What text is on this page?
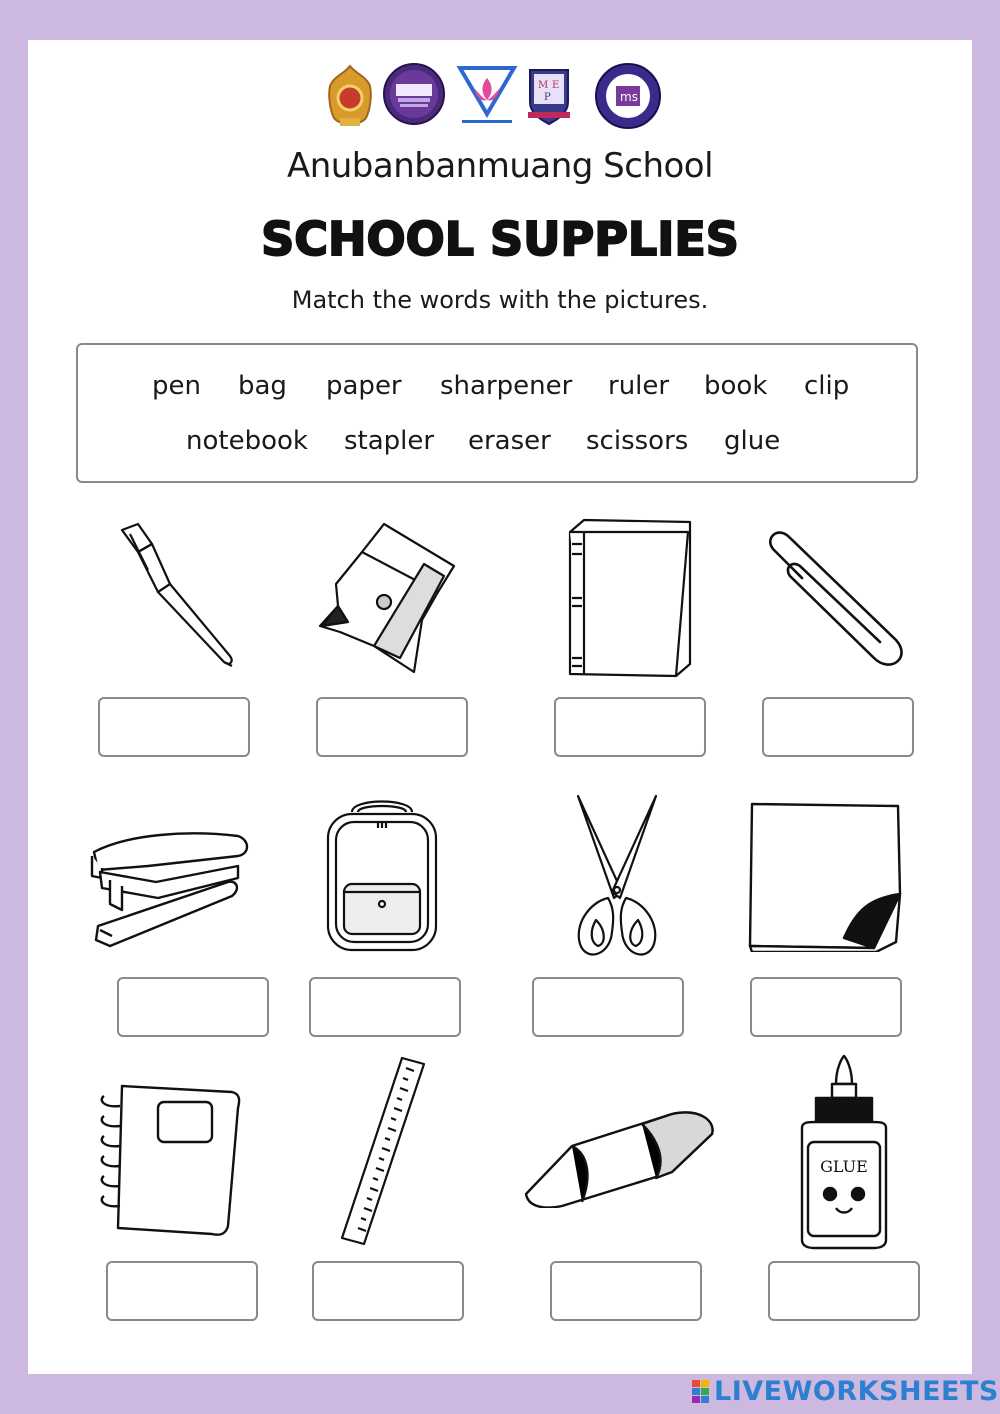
M E
P	ms
Anubanbanmuang School
SCHOOL SUPPLIES
Match the words with the pictures.
pen bag paper sharpener ruler book clip
notebook stapler eraser scissors glue
GLUE
LIVEWORKSHEETS
